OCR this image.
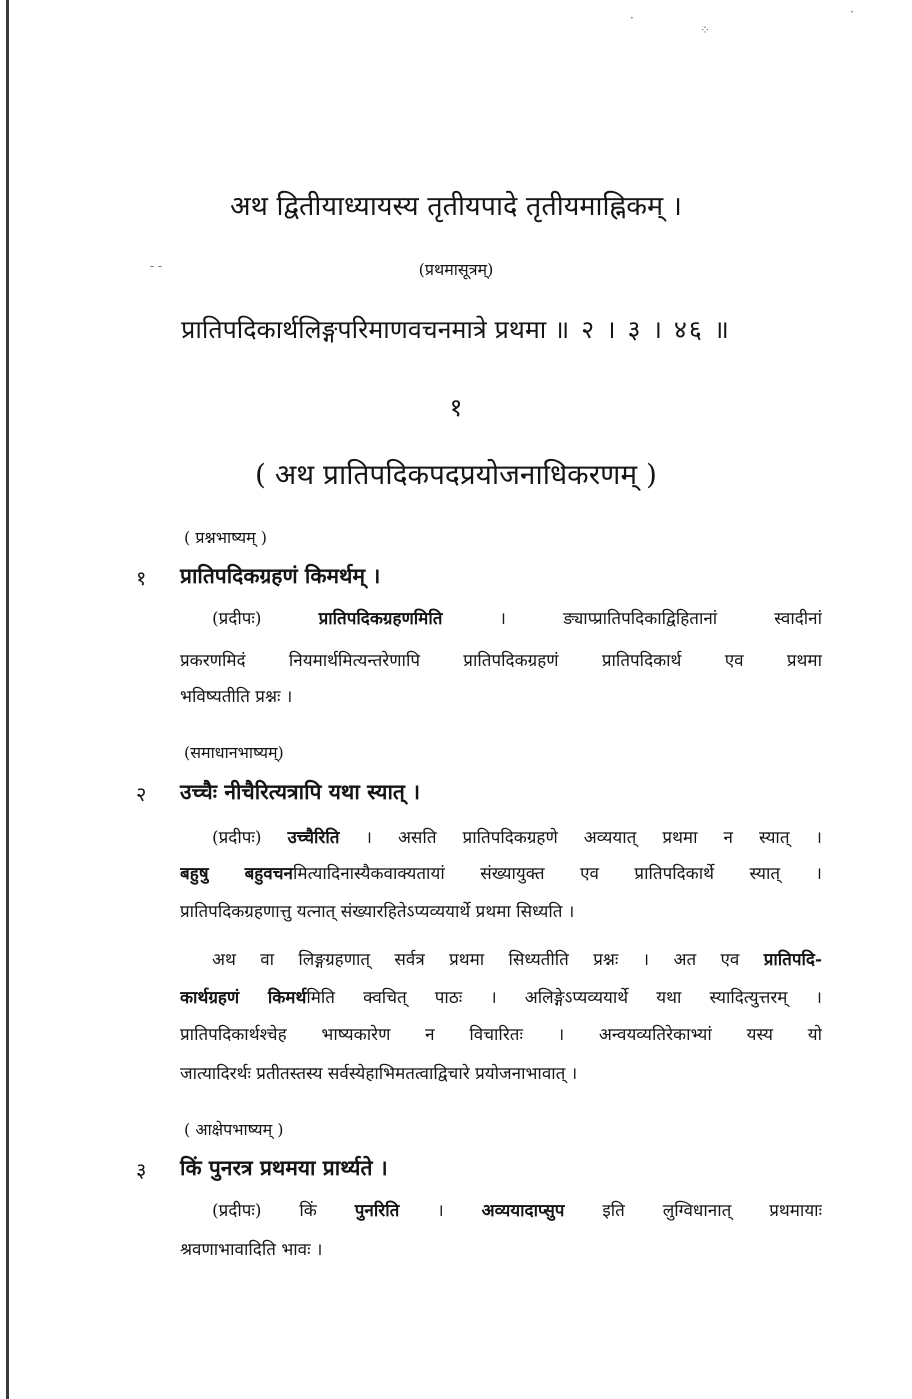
·
⁘
·
- -
अथ द्वितीयाध्यायस्य तृतीयपादे तृतीयमाह्निकम् ।
(प्रथमासूत्रम्)
प्रातिपदिकार्थलिङ्गपरिमाणवचनमात्रे प्रथमा ॥ २ । ३ । ४६ ॥
१
( अथ प्रातिपदिकपदप्रयोजनाधिकरणम् )
( प्रश्नभाष्यम् )
१ प्रातिपदिकग्रहणं किमर्थम् ।
(प्रदीपः)	प्रातिपदिकग्रहणमिति	। ङ्याप्प्रातिपदिकाद्विहितानां स्वादीनां
प्रकरणमिदं नियमार्थमित्यन्तरेणापि प्रातिपदिकग्रहणं प्रातिपदिकार्थ एव प्रथमा
भविष्यतीति प्रश्नः ।
(समाधानभाष्यम्)
२ उच्चैः नीचैरित्यत्रापि यथा स्यात् ।
(प्रदीपः) उच्चैरिति । असति प्रातिपदिकग्रहणे अव्ययात् प्रथमा न स्यात् ।
बहुषु बहुवचनमित्यादिनास्यैकवाक्यतायां संख्यायुक्त एव प्रातिपदिकार्थे स्यात् ।
प्रातिपदिकग्रहणात्तु यत्नात् संख्यारहितेऽप्यव्ययार्थे प्रथमा सिध्यति ।
अथ वा लिङ्गग्रहणात् सर्वत्र प्रथमा सिध्यतीति प्रश्नः । अत एव प्रातिपदि-
कार्थग्रहणं किमर्थमिति क्वचित् पाठः । अलिङ्गेऽप्यव्ययार्थे यथा स्यादित्युत्तरम् ।
प्रातिपदिकार्थश्चेह भाष्यकारेण न विचारितः । अन्वयव्यतिरेकाभ्यां यस्य यो
जात्यादिरर्थः प्रतीतस्तस्य सर्वस्येहाभिमतत्वाद्विचारे प्रयोजनाभावात् ।
( आक्षेपभाष्यम् )
३ किं पुनरत्र प्रथमया प्रार्थ्यते ।
(प्रदीपः) किं पुनरिति । अव्ययादाप्सुप इति लुग्विधानात् प्रथमायाः
श्रवणाभावादिति भावः ।
